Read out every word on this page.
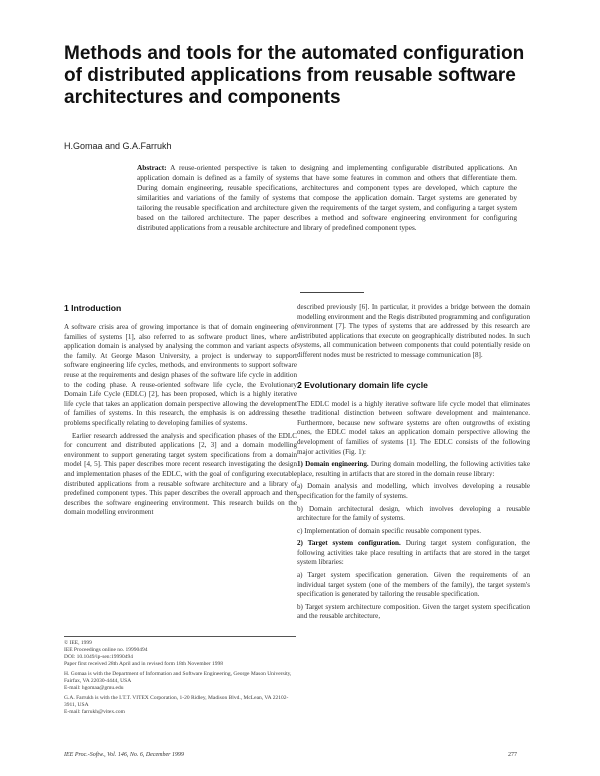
Methods and tools for the automated configuration of distributed applications from reusable software architectures and components
H.Gomaa and G.A.Farrukh
Abstract: A reuse-oriented perspective is taken to designing and implementing configurable distributed applications. An application domain is defined as a family of systems that have some features in common and others that differentiate them. During domain engineering, reusable specifications, architectures and component types are developed, which capture the similarities and variations of the family of systems that compose the application domain. Target systems are generated by tailoring the reusable specification and architecture given the requirements of the target system, and configuring a target system based on the tailored architecture. The paper describes a method and software engineering environment for configuring distributed applications from a reusable architecture and library of predefined component types.
1 Introduction

A software crisis area of growing importance is that of domain engineering of families of systems [1], also referred to as software product lines, where an application domain is analysed by analysing the common and variant aspects of the family. At George Mason University, a project is underway to support software engineering life cycles, methods, and environments to support software reuse at the requirements and design phases of the software life cycle in addition to the coding phase. A reuse-oriented software life cycle, the Evolutionary Domain Life Cycle (EDLC) [2], has been proposed, which is a highly iterative life cycle that takes an application domain perspective allowing the development of families of systems. In this research, the emphasis is on addressing these problems specifically relating to developing families of systems.

Earlier research addressed the analysis and specification phases of the EDLC for concurrent and distributed applications [2, 3] and a domain modelling environment to support generating target system specifications from a domain model [4, 5]. This paper describes more recent research investigating the design and implementation phases of the EDLC, with the goal of configuring executable distributed applications from a reusable software architecture and a library of predefined component types. This paper describes the overall approach and then describes the software engineering environment. This research builds on the domain modelling environment

described previously [6]. In particular, it provides a bridge between the domain modelling environment and the Regis distributed programming and configuration environment [7]. The types of systems that are addressed by this research are distributed applications that execute on geographically distributed nodes. In such systems, all communication between components that could potentially reside on different nodes must be restricted to message communication [8].

2 Evolutionary domain life cycle

The EDLC model is a highly iterative software life cycle model that eliminates the traditional distinction between software development and maintenance. Furthermore, because new software systems are often outgrowths of existing ones, the EDLC model takes an application domain perspective allowing the development of families of systems [1]. The EDLC consists of the following major activities (Fig. 1):

1) Domain engineering. During domain modelling, the following activities take place, resulting in artifacts that are stored in the domain reuse library:

a) Domain analysis and modelling, which involves developing a reusable specification for the family of systems.

b) Domain architectural design, which involves developing a reusable architecture for the family of systems.

c) Implementation of domain specific reusable component types.

2) Target system configuration. During target system configuration, the following activities take place resulting in artifacts that are stored in the target system libraries:

a) Target system specification generation. Given the requirements of an individual target system (one of the members of the family), the target system's specification is generated by tailoring the reusable specification.

b) Target system architecture composition. Given the target system specification and the reusable architecture,

© IEE, 1999
IEE Proceedings online no. 19990494
DOI: 10.1049/ip-sen:19990494
Paper first received 28th April and in revised form 18th November 1998
H. Gomaa is with the Department of Information and Software Engineering, George Mason University, Fairfax, VA 22030-4444, USA
E-mail: hgomaa@gmu.edu
G.A. Farrukh is with the I.T.T. VITEX Corporation, 1-20 Ridley, Madison Blvd., McLean, VA 22102-3911, USA
E-mail: farrukh@vitex.com
IEE Proc.-Softw., Vol. 146, No. 6, December 1999	277
